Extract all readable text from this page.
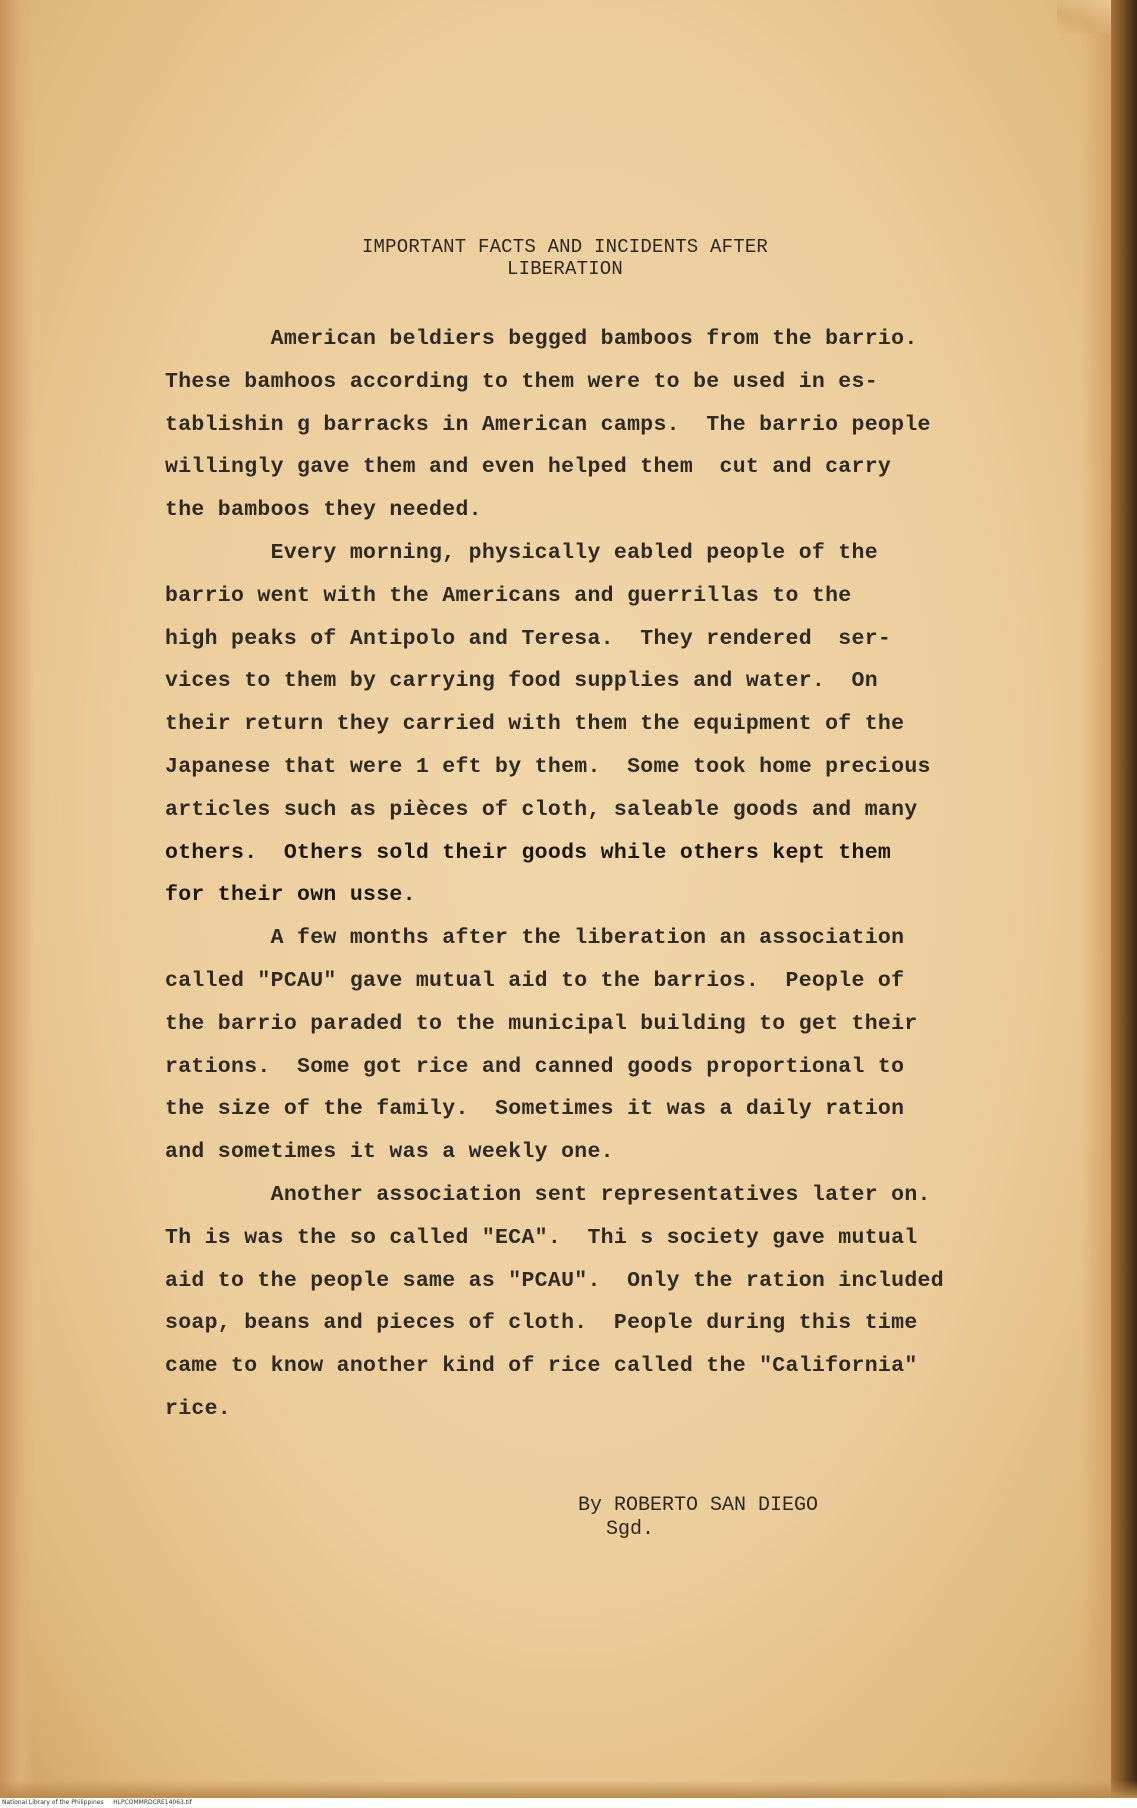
IMPORTANT FACTS AND INCIDENTS AFTER
LIBERATION
American beldiers begged bamboos from the barrio.
These bamhoos according to them were to be used in es-
tablishin g barracks in American camps.  The barrio people
willingly gave them and even helped them  cut and carry
the bamboos they needed.
Every morning, physically eabled people of the
barrio went with the Americans and guerrillas to the
high peaks of Antipolo and Teresa.  They rendered  ser-
vices to them by carrying food supplies and water.  On
their return they carried with them the equipment of the
Japanese that were 1 eft by them.  Some took home precious
articles such as pièces of cloth, saleable goods and many
others.  Others sold their goods while others kept them
for their own usse.
A few months after the liberation an association
called "PCAU" gave mutual aid to the barrios.  People of
the barrio paraded to the municipal building to get their
rations.  Some got rice and canned goods proportional to
the size of the family.  Sometimes it was a daily ration
and sometimes it was a weekly one.
Another association sent representatives later on.
Th is was the so called "ECA".  Thi s society gave mutual
aid to the people same as "PCAU".  Only the ration included
soap, beans and pieces of cloth.  People during this time
came to know another kind of rice called the "California"
rice.
By ROBERTO SAN DIEGO
Sgd.
National Library of the Philippines     HLPCOMMRDCRE14063.tif
